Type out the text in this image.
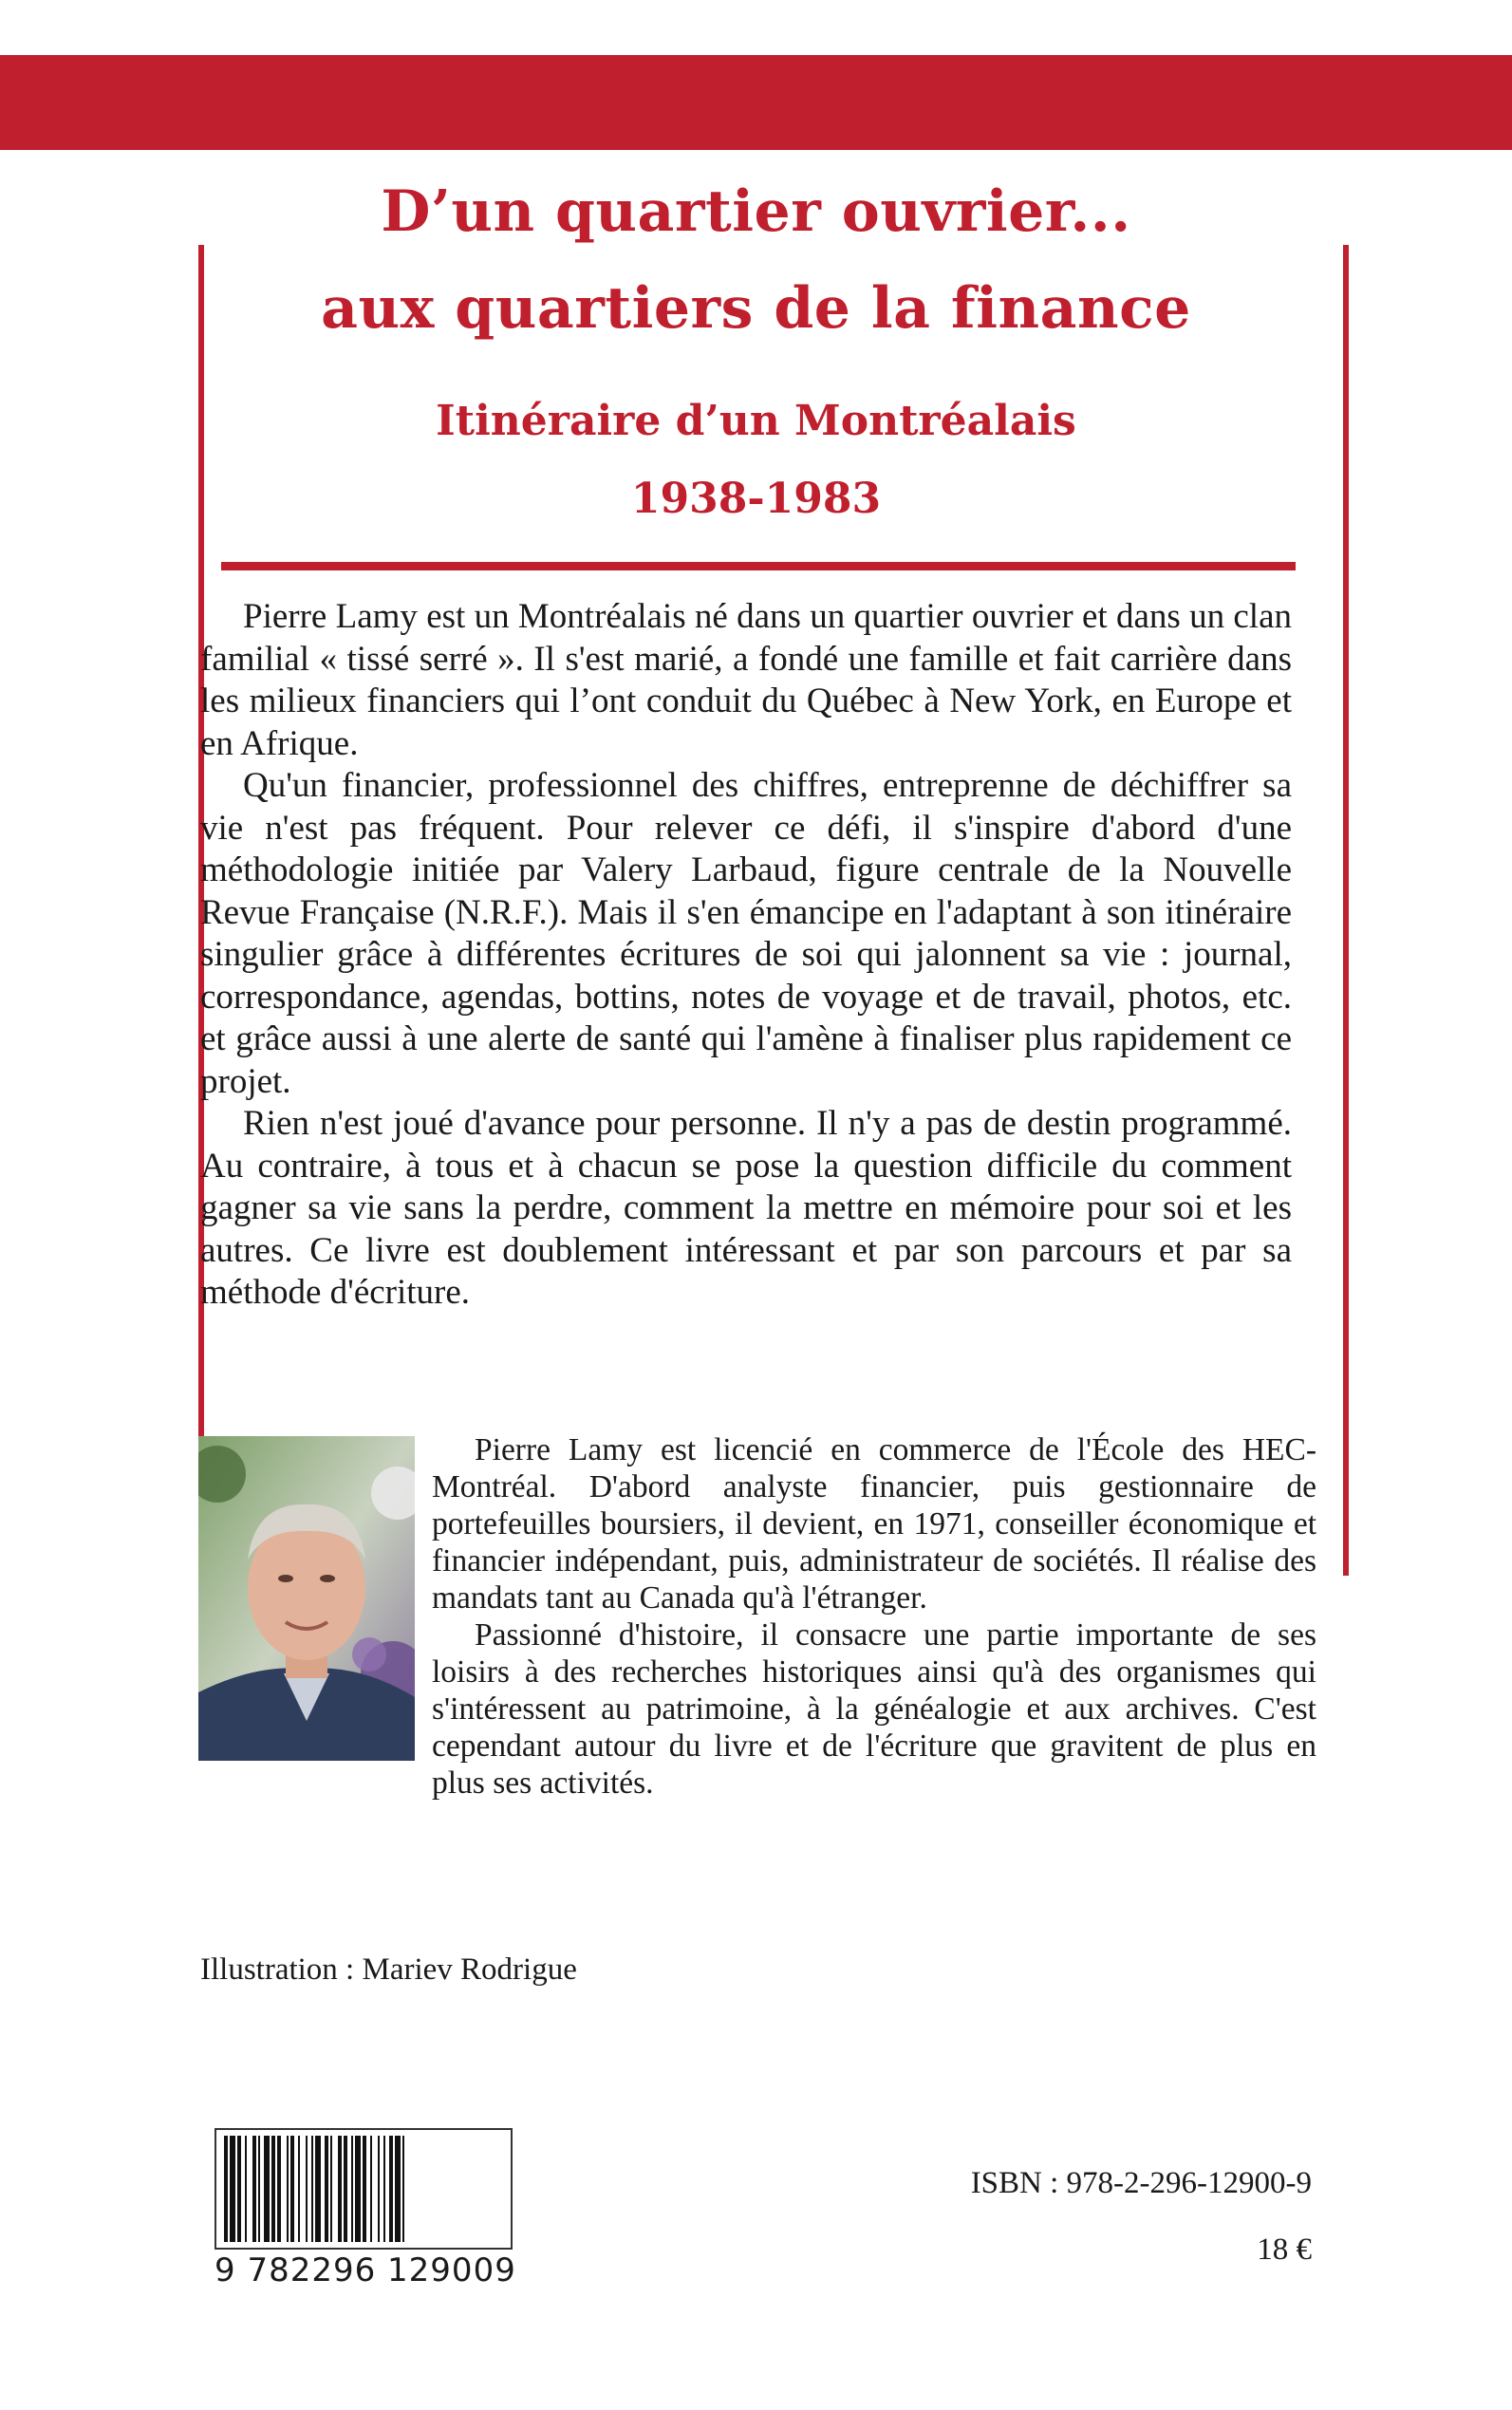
D’un quartier ouvrier...
aux quartiers de la finance
Itinéraire d’un Montréalais
1938-1983

Pierre Lamy est un Montréalais né dans un quartier ouvrier et dans un clan familial « tissé serré ». Il s'est marié, a fondé une famille et fait carrière dans les milieux financiers qui l’ont conduit du Québec à New York, en Europe et en Afrique.

Qu'un financier, professionnel des chiffres, entreprenne de déchiffrer sa vie n'est pas fréquent. Pour relever ce défi, il s'inspire d'abord d'une méthodologie initiée par Valery Larbaud, figure centrale de la Nouvelle Revue Française (N.R.F.). Mais il s'en émancipe en l'adaptant à son itinéraire singulier grâce à différentes écritures de soi qui jalonnent sa vie : journal, correspondance, agendas, bottins, notes de voyage et de travail, photos, etc. et grâce aussi à une alerte de santé qui l'amène à finaliser plus rapidement ce projet.

Rien n'est joué d'avance pour personne. Il n'y a pas de destin programmé. Au contraire, à tous et à chacun se pose la question difficile du comment gagner sa vie sans la perdre, comment la mettre en mémoire pour soi et les autres. Ce livre est doublement intéressant et par son parcours et par sa méthode d'écriture.

Pierre Lamy est licencié en commerce de l'École des HEC-Montréal. D'abord analyste financier, puis gestionnaire de portefeuilles boursiers, il devient, en 1971, conseiller économique et financier indépendant, puis, administrateur de sociétés. Il réalise des mandats tant au Canada qu'à l'étranger.

Passionné d'histoire, il consacre une partie importante de ses loisirs à des recherches historiques ainsi qu'à des organismes qui s'intéressent au patrimoine, à la généalogie et aux archives. C'est cependant autour du livre et de l'écriture que gravitent de plus en plus ses activités.

Illustration : Mariev Rodrigue
9 782296 129009
ISBN : 978-2-296-12900-9
18 €
